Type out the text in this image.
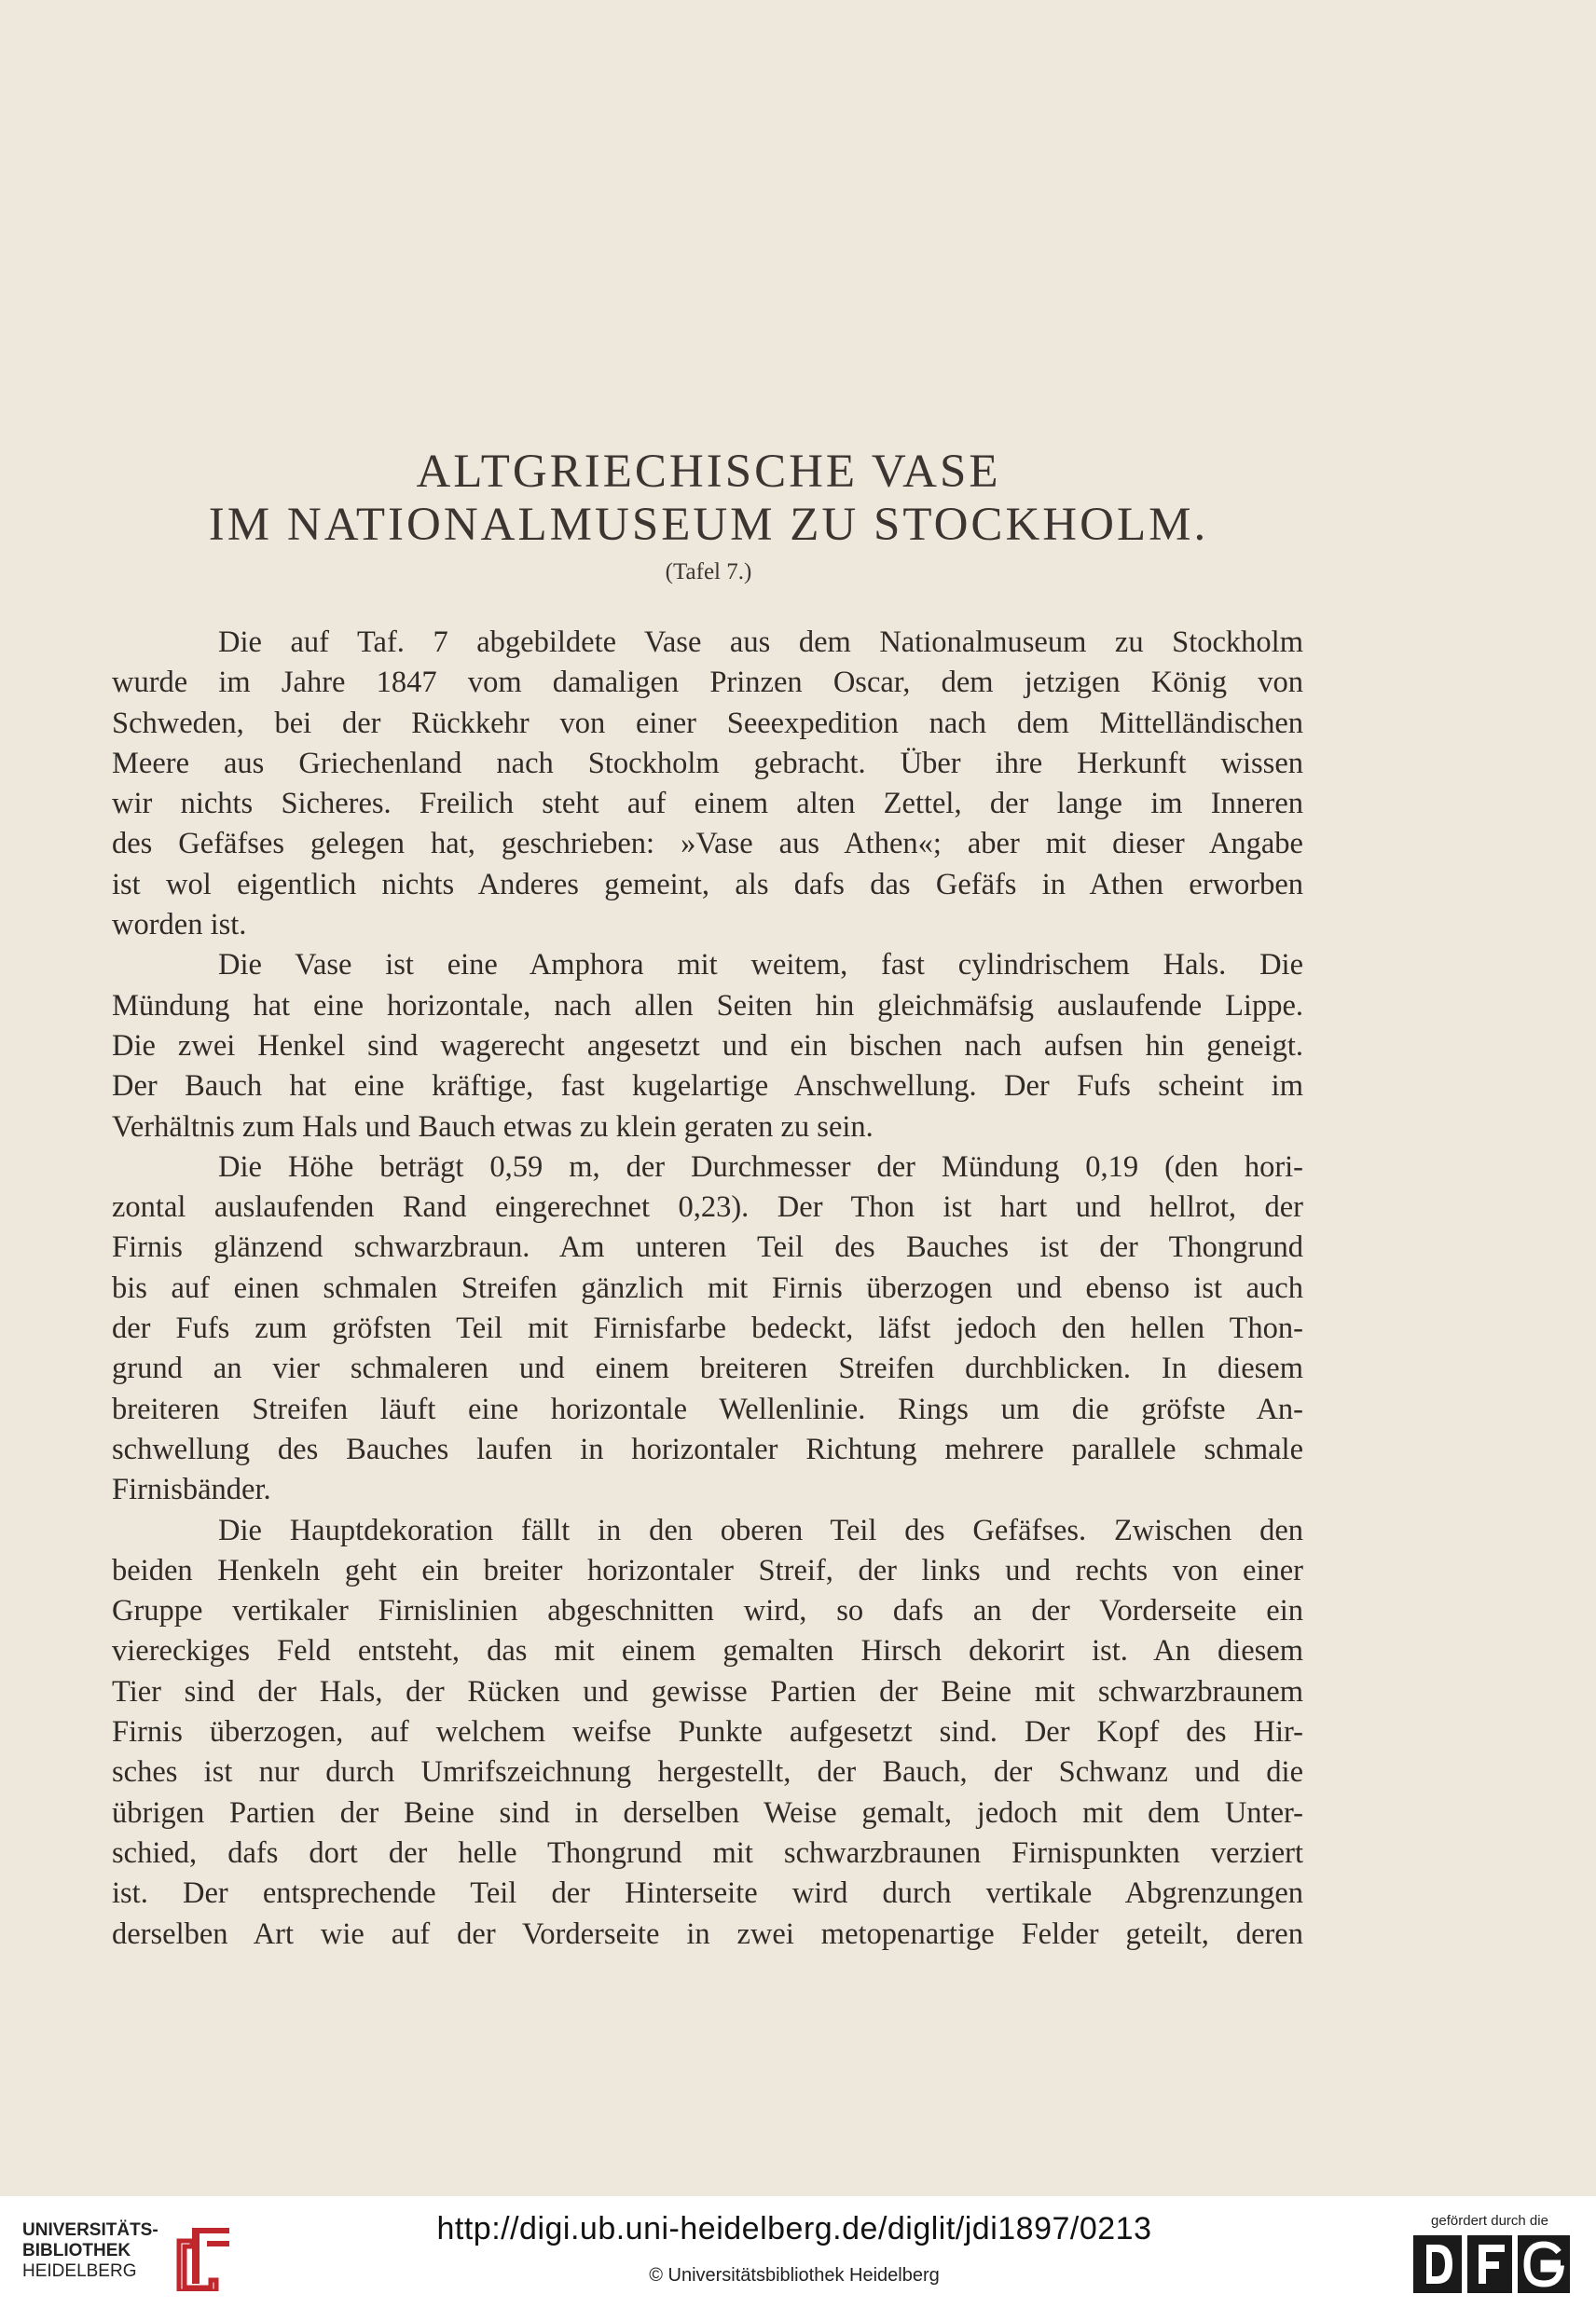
ALTGRIECHISCHE VASE

IM NATIONALMUSEUM ZU STOCKHOLM.

(Tafel 7.)

Die auf Taf. 7 abgebildete Vase aus dem Nationalmuseum zu Stockholm
wurde im Jahre 1847 vom damaligen Prinzen Oscar, dem jetzigen König von
Schweden, bei der Rückkehr von einer Seeexpedition nach dem Mittelländischen
Meere aus Griechenland nach Stockholm gebracht. Über ihre Herkunft wissen
wir nichts Sicheres. Freilich steht auf einem alten Zettel, der lange im Inneren
des Gefäfses gelegen hat, geschrieben: »Vase aus Athen«; aber mit dieser Angabe
ist wol eigentlich nichts Anderes gemeint, als dafs das Gefäfs in Athen erworben
worden ist.

Die Vase ist eine Amphora mit weitem, fast cylindrischem Hals. Die
Mündung hat eine horizontale, nach allen Seiten hin gleichmäfsig auslaufende Lippe.
Die zwei Henkel sind wagerecht angesetzt und ein bischen nach aufsen hin geneigt.
Der Bauch hat eine kräftige, fast kugelartige Anschwellung. Der Fufs scheint im
Verhältnis zum Hals und Bauch etwas zu klein geraten zu sein.

Die Höhe beträgt 0,59 m, der Durchmesser der Mündung 0,19 (den hori-
zontal auslaufenden Rand eingerechnet 0,23). Der Thon ist hart und hellrot, der
Firnis glänzend schwarzbraun. Am unteren Teil des Bauches ist der Thongrund
bis auf einen schmalen Streifen gänzlich mit Firnis überzogen und ebenso ist auch
der Fufs zum gröfsten Teil mit Firnisfarbe bedeckt, läfst jedoch den hellen Thon-
grund an vier schmaleren und einem breiteren Streifen durchblicken. In diesem
breiteren Streifen läuft eine horizontale Wellenlinie. Rings um die gröfste An-
schwellung des Bauches laufen in horizontaler Richtung mehrere parallele schmale
Firnisbänder.

Die Hauptdekoration fällt in den oberen Teil des Gefäfses. Zwischen den
beiden Henkeln geht ein breiter horizontaler Streif, der links und rechts von einer
Gruppe vertikaler Firnislinien abgeschnitten wird, so dafs an der Vorderseite ein
viereckiges Feld entsteht, das mit einem gemalten Hirsch dekorirt ist. An diesem
Tier sind der Hals, der Rücken und gewisse Partien der Beine mit schwarzbraunem
Firnis überzogen, auf welchem weifse Punkte aufgesetzt sind. Der Kopf des Hir-
sches ist nur durch Umrifszeichnung hergestellt, der Bauch, der Schwanz und die
übrigen Partien der Beine sind in derselben Weise gemalt, jedoch mit dem Unter-
schied, dafs dort der helle Thongrund mit schwarzbraunen Firnispunkten verziert
ist. Der entsprechende Teil der Hinterseite wird durch vertikale Abgrenzungen
derselben Art wie auf der Vorderseite in zwei metopenartige Felder geteilt, deren

UNIVERSITÄTS-
BIBLIOTHEK
HEIDELBERG
http://digi.ub.uni-heidelberg.de/diglit/jdi1897/0213
© Universitätsbibliothek Heidelberg
gefördert durch die
